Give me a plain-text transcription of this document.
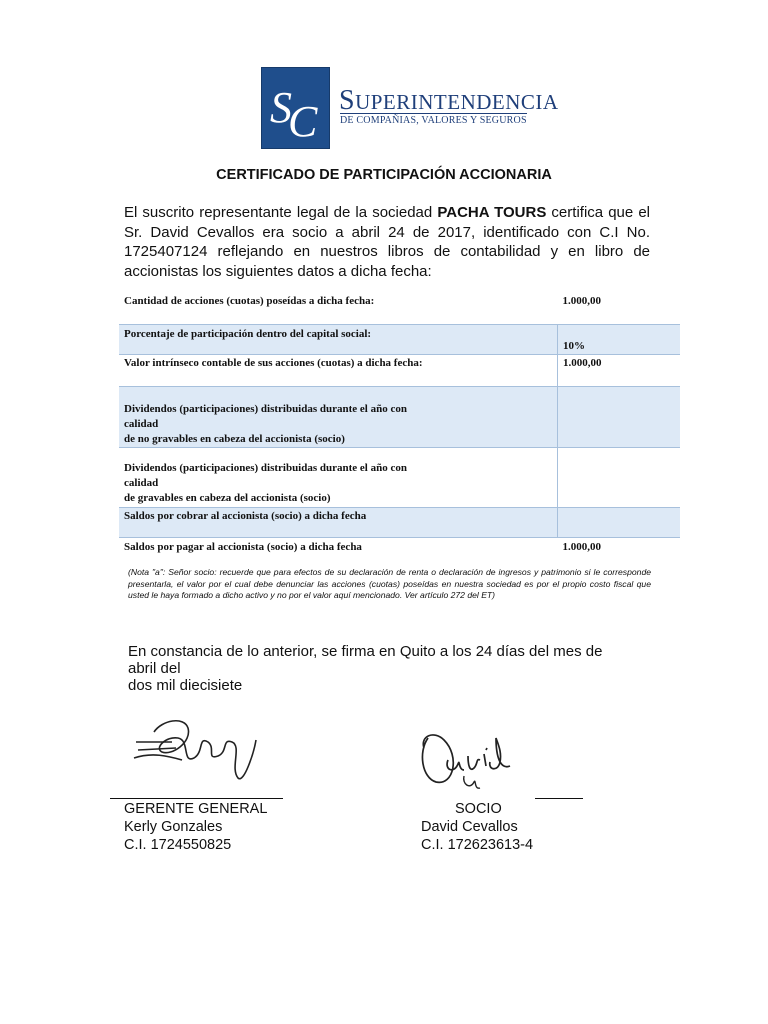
S
C SUPERINTENDENCIA
DE COMPAÑIAS, VALORES Y SEGUROS
CERTIFICADO DE PARTICIPACIÓN ACCIONARIA
El suscrito representante legal de la sociedad PACHA TOURS certifica que el Sr. David Cevallos era socio a abril 24 de 2017, identificado con C.I No. 1725407124 reflejando en nuestros libros de contabilidad y en libro de accionistas los siguientes datos a dicha fecha:
Cantidad de acciones (cuotas) poseídas a dicha fecha:	1.000,00
Porcentaje de participación dentro del capital social:	10%
Valor intrínseco contable de sus acciones (cuotas) a dicha fecha:	1.000,00

Dividendos (participaciones) distribuidas durante el año con
calidad
de no gravables en cabeza del accionista (socio)	

Dividendos (participaciones) distribuidas durante el año con
calidad
de gravables en cabeza del accionista (socio)	

Saldos por cobrar al accionista (socio) a dicha fecha	
Saldos por pagar al accionista (socio) a dicha fecha	1.000,00
(Nota "a": Señor socio: recuerde que para efectos de su declaración de renta o declaración de ingresos y patrimonio si le corresponde presentarla, el valor por el cual debe denunciar las acciones (cuotas) poseídas en nuestra sociedad es por el propio costo fiscal que usted le haya formado a dicho activo y no por el valor aquí mencionado. Ver artículo 272 del ET)
En constancia de lo anterior, se firma en Quito a los 24 días del mes de
abril del
dos mil diecisiete
GERENTE GENERAL
Kerly Gonzales
C.I. 1724550825
SOCIO
David Cevallos
C.I. 172623613-4
